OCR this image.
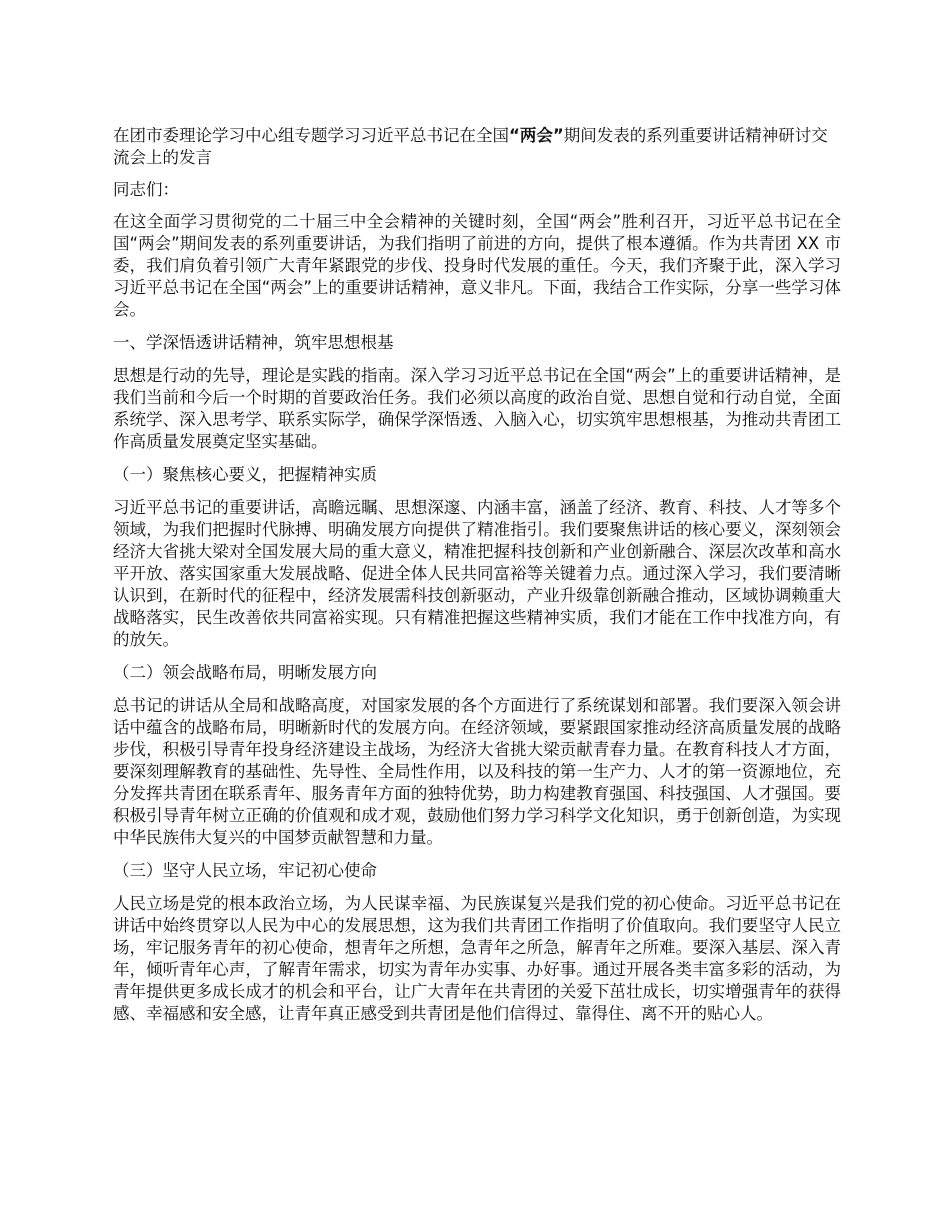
在团市委理论学习中心组专题学习习近平总书记在全国“两会”期间发表的系列重要讲话精神研讨交流会上的发言
同志们：

在这全面学习贯彻党的二十届三中全会精神的关键时刻，全国“两会”胜利召开，习近平总书记在全国“两会”期间发表的系列重要讲话，为我们指明了前进的方向，提供了根本遵循。作为共青团 XX 市委，我们肩负着引领广大青年紧跟党的步伐、投身时代发展的重任。今天，我们齐聚于此，深入学习习近平总书记在全国“两会”上的重要讲话精神，意义非凡。下面，我结合工作实际，分享一些学习体会。

一、学深悟透讲话精神，筑牢思想根基

思想是行动的先导，理论是实践的指南。深入学习习近平总书记在全国“两会”上的重要讲话精神，是我们当前和今后一个时期的首要政治任务。我们必须以高度的政治自觉、思想自觉和行动自觉，全面系统学、深入思考学、联系实际学，确保学深悟透、入脑入心，切实筑牢思想根基，为推动共青团工作高质量发展奠定坚实基础。

（一）聚焦核心要义，把握精神实质

习近平总书记的重要讲话，高瞻远瞩、思想深邃、内涵丰富，涵盖了经济、教育、科技、人才等多个领域，为我们把握时代脉搏、明确发展方向提供了精准指引。我们要聚焦讲话的核心要义，深刻领会经济大省挑大梁对全国发展大局的重大意义，精准把握科技创新和产业创新融合、深层次改革和高水平开放、落实国家重大发展战略、促进全体人民共同富裕等关键着力点。通过深入学习，我们要清晰认识到，在新时代的征程中，经济发展需科技创新驱动，产业升级靠创新融合推动，区域协调赖重大战略落实，民生改善依共同富裕实现。只有精准把握这些精神实质，我们才能在工作中找准方向，有的放矢。

（二）领会战略布局，明晰发展方向

总书记的讲话从全局和战略高度，对国家发展的各个方面进行了系统谋划和部署。我们要深入领会讲话中蕴含的战略布局，明晰新时代的发展方向。在经济领域，要紧跟国家推动经济高质量发展的战略步伐，积极引导青年投身经济建设主战场，为经济大省挑大梁贡献青春力量。在教育科技人才方面，要深刻理解教育的基础性、先导性、全局性作用，以及科技的第一生产力、人才的第一资源地位，充分发挥共青团在联系青年、服务青年方面的独特优势，助力构建教育强国、科技强国、人才强国。要积极引导青年树立正确的价值观和成才观，鼓励他们努力学习科学文化知识，勇于创新创造，为实现中华民族伟大复兴的中国梦贡献智慧和力量。

（三）坚守人民立场，牢记初心使命

人民立场是党的根本政治立场，为人民谋幸福、为民族谋复兴是我们党的初心使命。习近平总书记在讲话中始终贯穿以人民为中心的发展思想，这为我们共青团工作指明了价值取向。我们要坚守人民立场，牢记服务青年的初心使命，想青年之所想，急青年之所急，解青年之所难。要深入基层、深入青年，倾听青年心声，了解青年需求，切实为青年办实事、办好事。通过开展各类丰富多彩的活动，为青年提供更多成长成才的机会和平台，让广大青年在共青团的关爱下茁壮成长，切实增强青年的获得感、幸福感和安全感，让青年真正感受到共青团是他们信得过、靠得住、离不开的贴心人。
